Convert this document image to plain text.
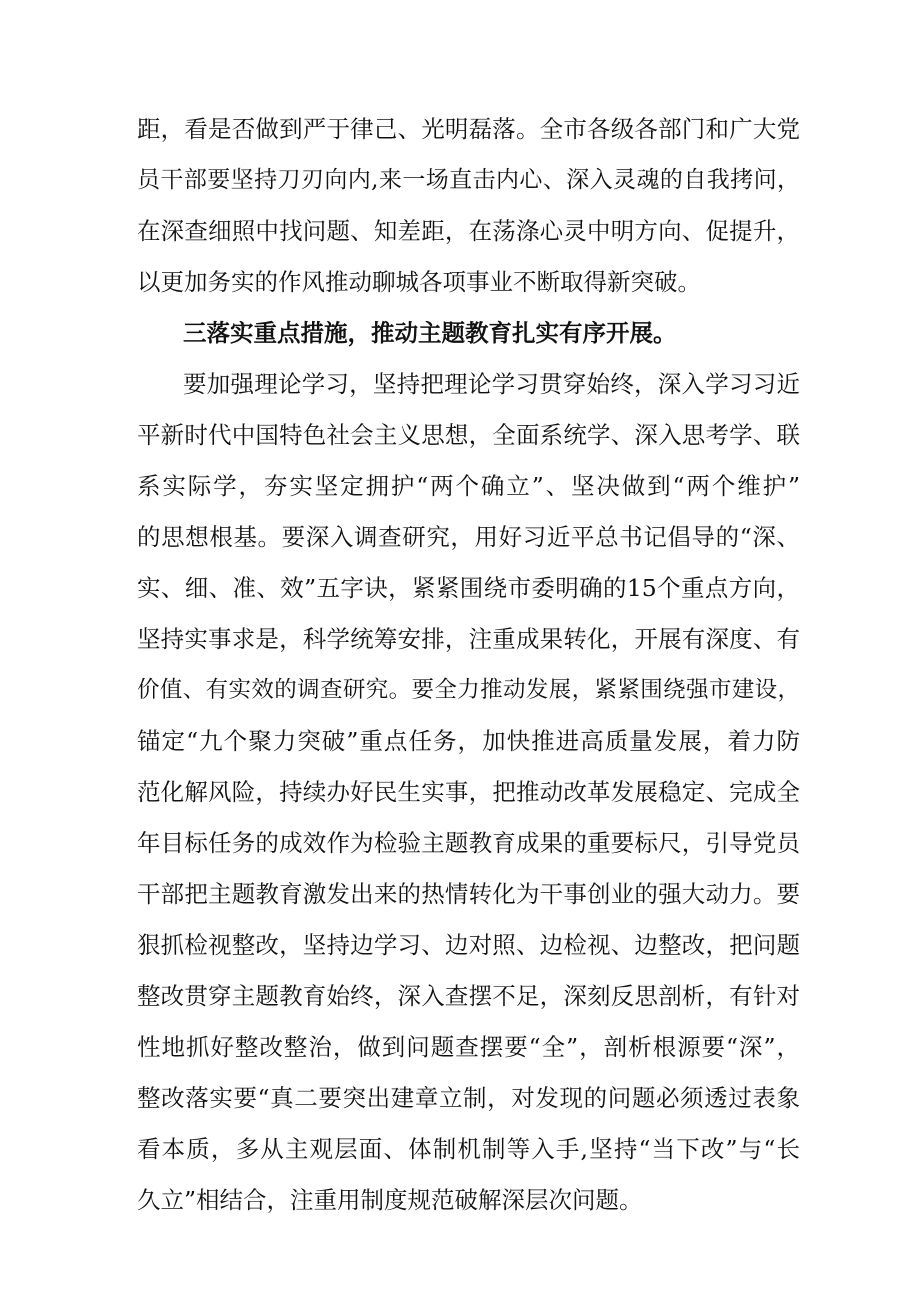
距，看是否做到严于律己、光明磊落。全市各级各部门和广大党
员干部要坚持刀刃向内,来一场直击内心、深入灵魂的自我拷问，
在深查细照中找问题、知差距，在荡涤心灵中明方向、促提升，
以更加务实的作风推动聊城各项事业不断取得新突破。
三落实重点措施，推动主题教育扎实有序开展。
要加强理论学习，坚持把理论学习贯穿始终，深入学习习近
平新时代中国特色社会主义思想，全面系统学、深入思考学、联
系实际学，夯实坚定拥护“两个确立”、坚决做到“两个维护”
的思想根基。要深入调查研究，用好习近平总书记倡导的“深、
实、细、准、效”五字诀，紧紧围绕市委明确的15个重点方向，
坚持实事求是，科学统筹安排，注重成果转化，开展有深度、有
价值、有实效的调查研究。要全力推动发展，紧紧围绕强市建设，
锚定“九个聚力突破”重点任务，加快推进高质量发展，着力防
范化解风险，持续办好民生实事，把推动改革发展稳定、完成全
年目标任务的成效作为检验主题教育成果的重要标尺，引导党员
干部把主题教育激发出来的热情转化为干事创业的强大动力。要
狠抓检视整改，坚持边学习、边对照、边检视、边整改，把问题
整改贯穿主题教育始终，深入查摆不足，深刻反思剖析，有针对
性地抓好整改整治，做到问题查摆要“全”，剖析根源要“深”，
整改落实要“真二要突出建章立制，对发现的问题必须透过表象
看本质，多从主观层面、体制机制等入手,坚持“当下改”与“长
久立”相结合，注重用制度规范破解深层次问题。
